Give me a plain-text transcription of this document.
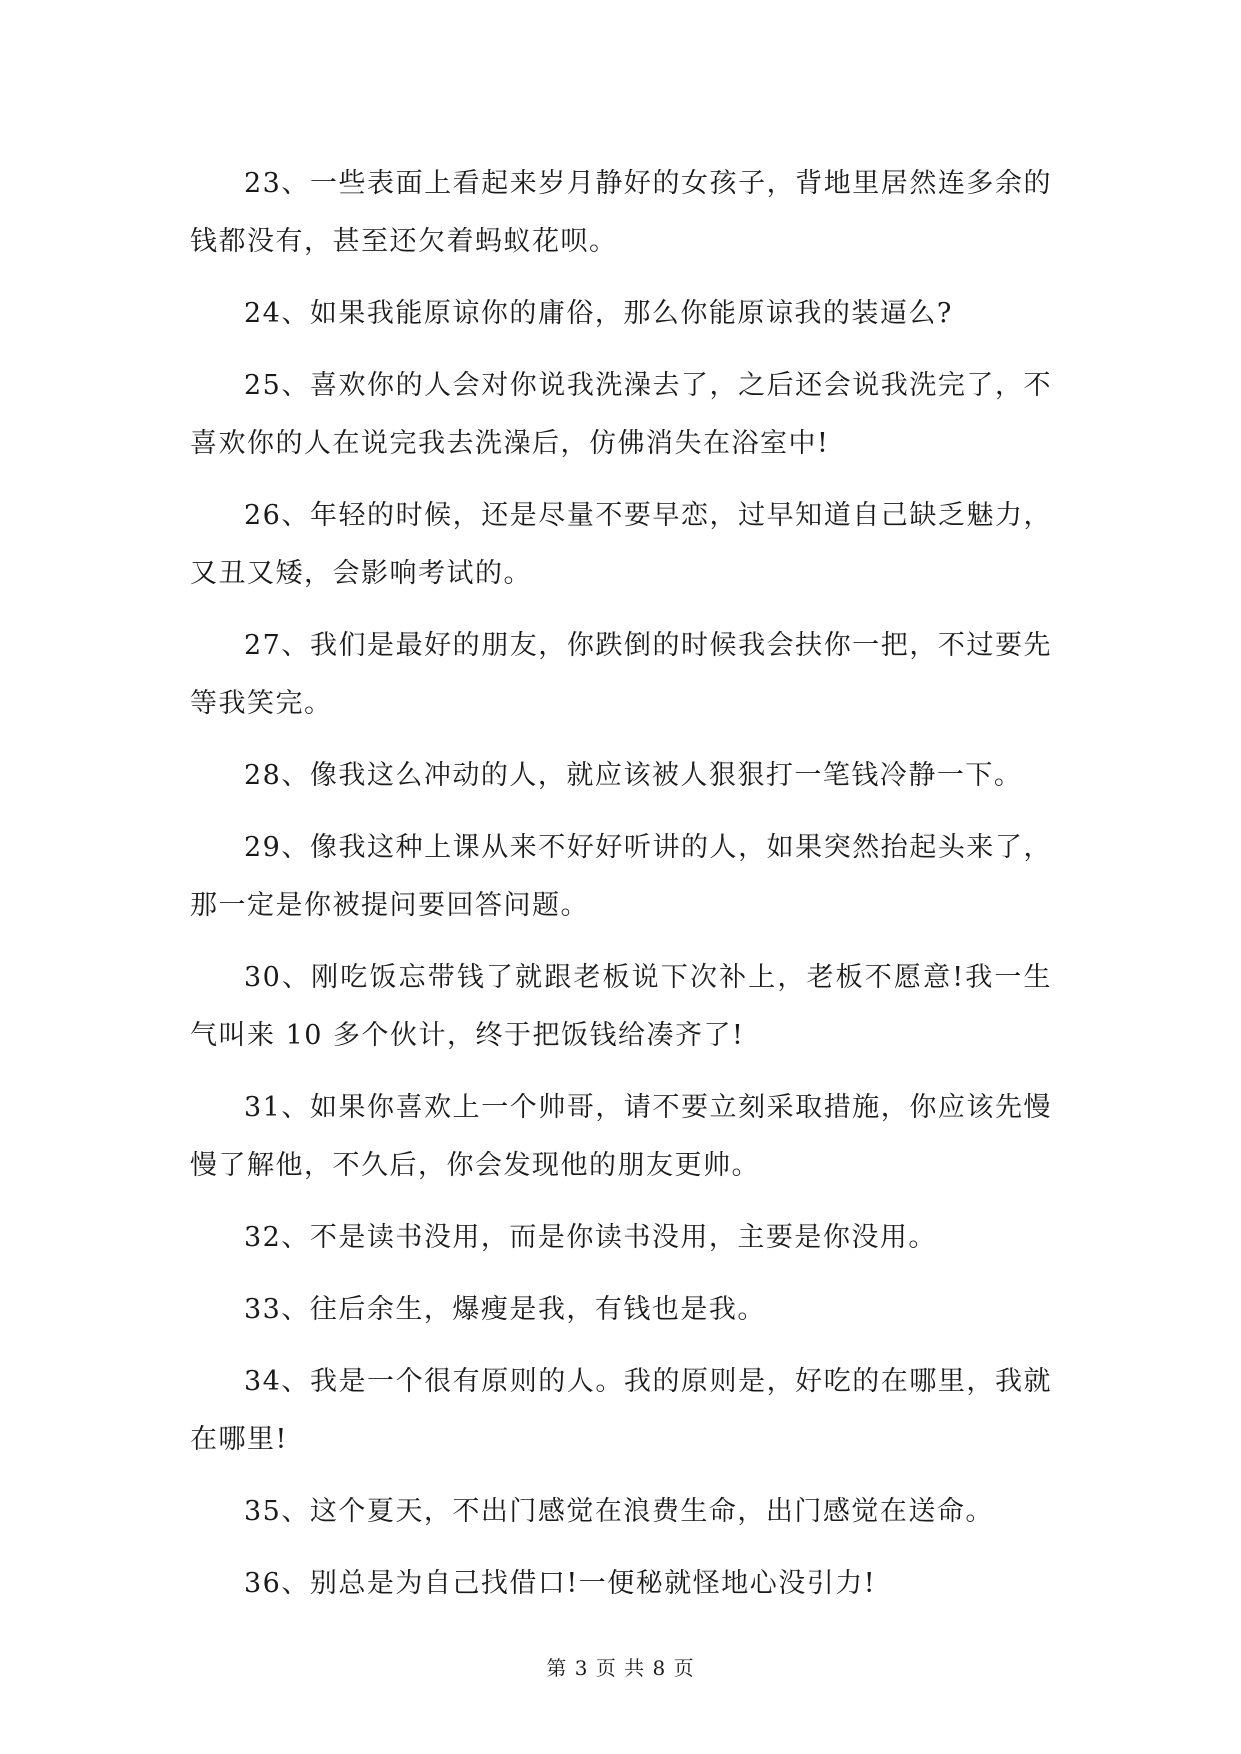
23、一些表面上看起来岁月静好的女孩子，背地里居然连多余的钱都没有，甚至还欠着蚂蚁花呗。

24、如果我能原谅你的庸俗，那么你能原谅我的装逼么?

25、喜欢你的人会对你说我洗澡去了，之后还会说我洗完了，不喜欢你的人在说完我去洗澡后，仿佛消失在浴室中!

26、年轻的时候，还是尽量不要早恋，过早知道自己缺乏魅力，又丑又矮，会影响考试的。

27、我们是最好的朋友，你跌倒的时候我会扶你一把，不过要先等我笑完。

28、像我这么冲动的人，就应该被人狠狠打一笔钱冷静一下。

29、像我这种上课从来不好好听讲的人，如果突然抬起头来了，那一定是你被提问要回答问题。

30、刚吃饭忘带钱了就跟老板说下次补上，老板不愿意!我一生气叫来 10 多个伙计，终于把饭钱给凑齐了!

31、如果你喜欢上一个帅哥，请不要立刻采取措施，你应该先慢慢了解他，不久后，你会发现他的朋友更帅。

32、不是读书没用，而是你读书没用，主要是你没用。

33、往后余生，爆瘦是我，有钱也是我。

34、我是一个很有原则的人。我的原则是，好吃的在哪里，我就在哪里!

35、这个夏天，不出门感觉在浪费生命，出门感觉在送命。

36、别总是为自己找借口!一便秘就怪地心没引力!

第 3 页 共 8 页
